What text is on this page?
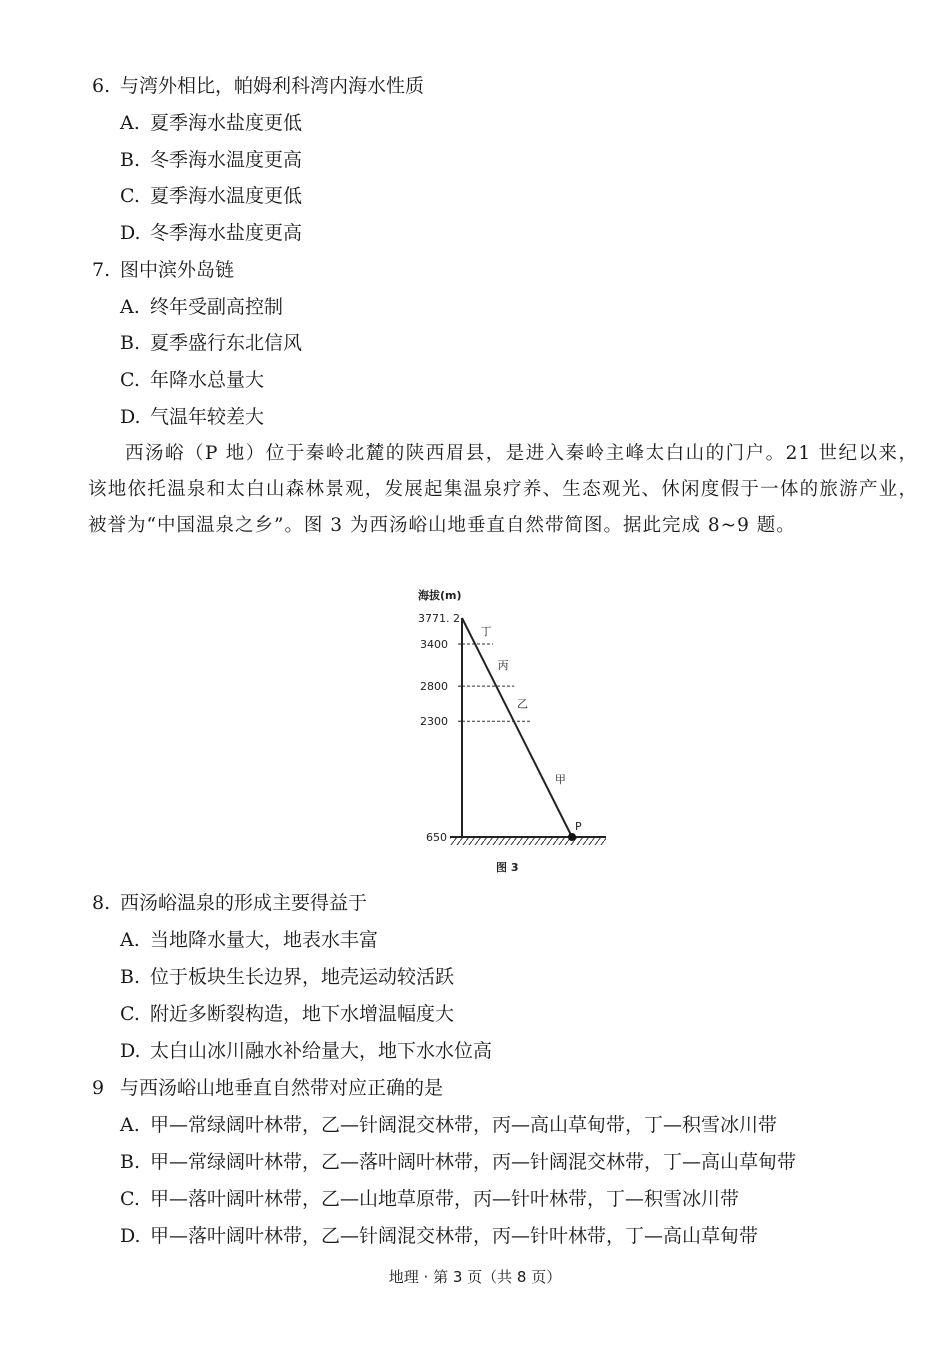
6. 与湾外相比，帕姆利科湾内海水性质
A. 夏季海水盐度更低
B. 冬季海水温度更高
C. 夏季海水温度更低
D. 冬季海水盐度更高
7. 图中滨外岛链
A. 终年受副高控制
B. 夏季盛行东北信风
C. 年降水总量大
D. 气温年较差大

西汤峪（P 地）位于秦岭北麓的陕西眉县，是进入秦岭主峰太白山的门户。21 世纪以来，该地依托温泉和太白山森林景观，发展起集温泉疗养、生态观光、休闲度假于一体的旅游产业，被誉为“中国温泉之乡”。图 3 为西汤峪山地垂直自然带简图。据此完成 8~9 题。

海拔(m)
3771. 2
650
3400
2800
2300
P
丁
丙
乙
甲
图 3
8. 西汤峪温泉的形成主要得益于
A. 当地降水量大，地表水丰富
B. 位于板块生长边界，地壳运动较活跃
C. 附近多断裂构造，地下水增温幅度大
D. 太白山冰川融水补给量大，地下水水位高
9 与西汤峪山地垂直自然带对应正确的是
A. 甲—常绿阔叶林带，乙—针阔混交林带，丙—高山草甸带，丁—积雪冰川带
B. 甲—常绿阔叶林带，乙—落叶阔叶林带，丙—针阔混交林带，丁—高山草甸带
C. 甲—落叶阔叶林带，乙—山地草原带，丙—针叶林带，丁—积雪冰川带
D. 甲—落叶阔叶林带，乙—针阔混交林带，丙—针叶林带，丁—高山草甸带
地理 · 第 3 页（共 8 页）
